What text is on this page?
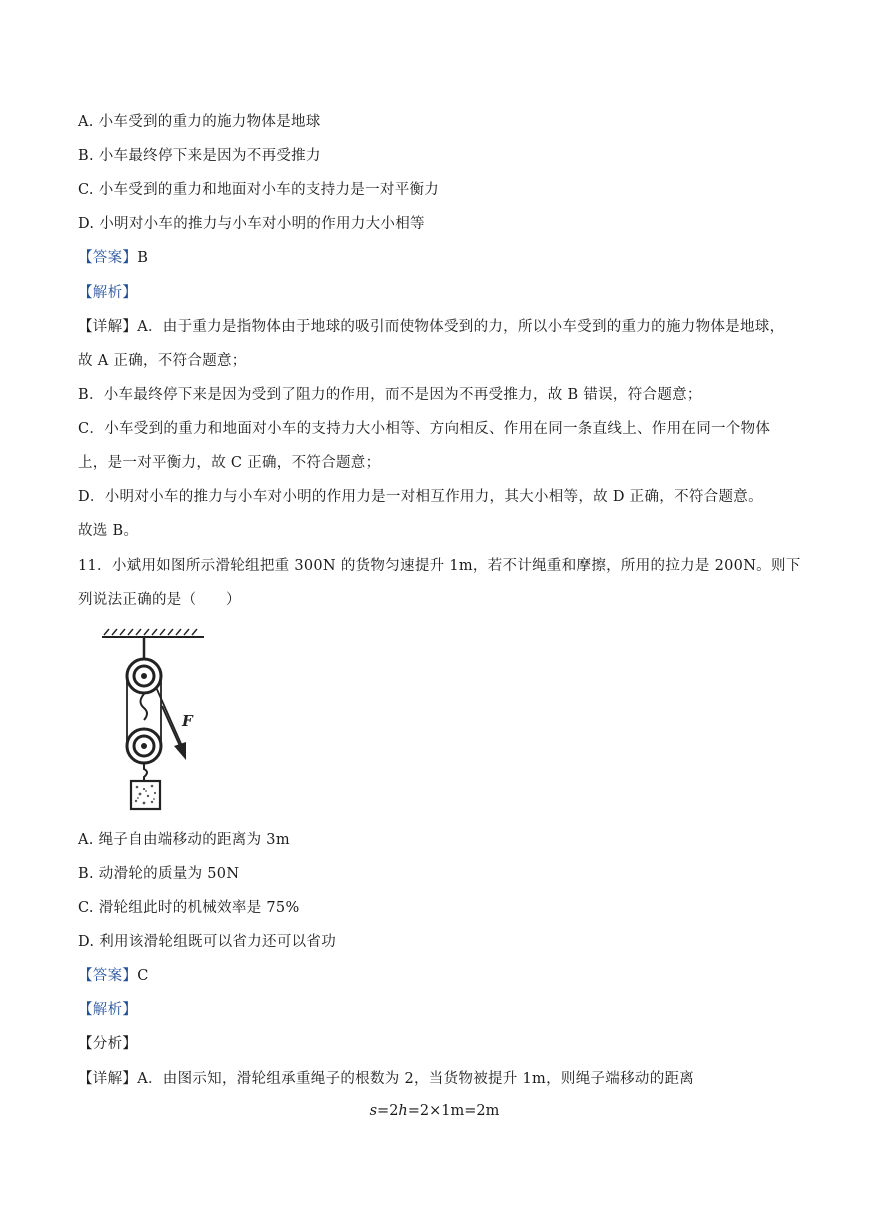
A. 小车受到的重力的施力物体是地球
B. 小车最终停下来是因为不再受推力
C. 小车受到的重力和地面对小车的支持力是一对平衡力
D. 小明对小车的推力与小车对小明的作用力大小相等
【答案】B
【解析】
【详解】A．由于重力是指物体由于地球的吸引而使物体受到的力，所以小车受到的重力的施力物体是地球，
故 A 正确，不符合题意；
B．小车最终停下来是因为受到了阻力的作用，而不是因为不再受推力，故 B 错误，符合题意；
C．小车受到的重力和地面对小车的支持力大小相等、方向相反、作用在同一条直线上、作用在同一个物体
上，是一对平衡力，故 C 正确，不符合题意；
D．小明对小车的推力与小车对小明的作用力是一对相互作用力，其大小相等，故 D 正确，不符合题意。
故选 B。
11．小斌用如图所示滑轮组把重 300N 的货物匀速提升 1m，若不计绳重和摩擦，所用的拉力是 200N。则下
列说法正确的是（　　）
F
A. 绳子自由端移动的距离为 3m
B. 动滑轮的质量为 50N
C. 滑轮组此时的机械效率是 75%
D. 利用该滑轮组既可以省力还可以省功
【答案】C
【解析】
【分析】
【详解】A．由图示知，滑轮组承重绳子的根数为 2，当货物被提升 1m，则绳子端移动的距离
s=2h=2×1m=2m
